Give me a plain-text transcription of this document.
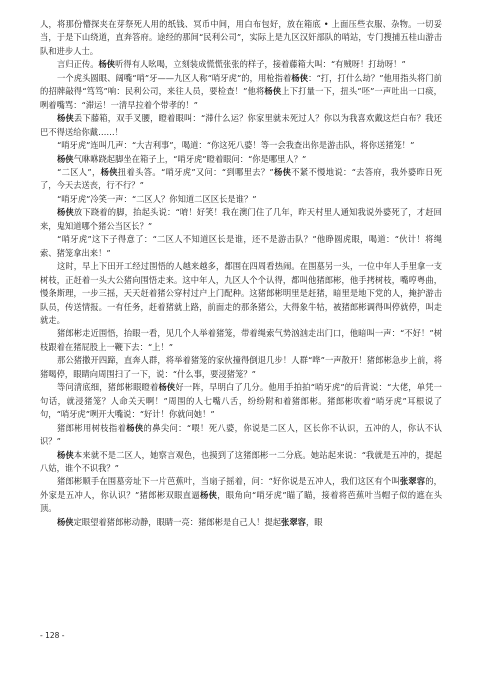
人，将那份懵探夹在芽祭死人用的纸钱、冥币中间，用白布包好，放在箱底 • 上面压些衣服、杂物。一切妥当，于是下山绕道，直奔答府。途经的那间“民利公司”，实际上是九区汉奸部队的哨站，专门搜捕五桂山游击队和进步人士。

言归正传。杨侠听得有人吆喝，立刻装成慌慌张张的样子，接着藤箱大叫：“有贼呀！打劫呀！”

一个虎头圆眼、阔嘴“哨”牙——九区人称“哨牙虎”的，用枪指着杨侠：“打，打什么劫？”他用指头将门前的招牌敲得“笃笃”响：民利公司，来往人员，要检查！”他将杨侠上下打量一下，扭头“呸”一声吐出一口痰，咧着嘴骂：“滞运！一清早拉着个带孝的！”

杨侠丢下藤箱，双手叉腰，瞪着眼叫：“滞什么运？你家里就未死过人？你以为我喜欢戴这烂白布？我还巴不得送给你戴……！

“哨牙虎”连叫几声：“大吉利事”，喝道：“你这死八婆！等一会我查出你是游击队，将你送猪笼！”

杨侠气咻咻跷起脚坐在箱子上，“哨牙虎”瞪着眼问：“你是哪里人？”

“二区人”，杨侠扭着头答。“哨牙虎”又问：“到哪里去？”杨侠不紧不慢地说：“去答府，我外婆昨日死了，今天去送丧，行不行？”

“哨牙虎”冷笑一声：“二区人？你知道二区区长是谁？”

杨侠放下跷着的脚，抬起头说：“唷！好笑！我在澳门住了几年，昨天村里人通知我说外婆死了，才赶回来，鬼知道哪个猪公当区长？”

“哨牙虎”这下子得意了：“二区人不知道区长是谁，还不是游击队？”他睁圆虎眼，喝道：“伙计！将绳索、猪笼拿出来！”

这时，早上下田开工经过围悟的人越来越多，都围在四周看热闹。在围墓另一头，一位中年人手里拿一支树枝，正赶着一头大公猪向围悟走来。这中年人，九区人个个认得，都叫他猪郎彬，他手拷树枝，嘴哼粤曲，慢条斯理，一步三摇，天天赶着猪公穿村过户上门配种。这猪郎彬明里是赶猪，暗里是地下党的人，掩护游击队员，传送情报。一有任务，赶着猪就上路，前面走的那条猪公，大得象牛牯，被猪郎彬调得叫停就停，叫走就走。

猪郎彬走近围悟，抬眼一看，见几个人举着猪笼，带着绳索气势汹汹走出门口，他暗叫一声：“不好！”树枝跟着在猪屁股上一鞭下去：“上！”

那公猪撒开四蹄，直奔人群，将举着猪笼的家伙撞得倒退几步！人群“哗”一声散开！猪郎彬急步上前，将猪喝停，眼睛向周围扫了一下，说：“什么事，要浸猪笼？”

等问清底细，猪郎彬眼瞪着杨侠好一阵，早明白了几分。他用手拍拍“哨牙虎”的后背说：“大佬，单凭一句话，就浸猪笼？人命关天啊！”周围的人七嘴八舌，纷纷附和着猪郎彬。猪郎彬吹着“哨牙虎”耳根说了句，“哨牙虎”咧开大嘴说：“好计！你就问她！”

猪郎彬用树枝指着杨侠的鼻尖问：“喂！死八婆，你说是二区人，区长你不认识，五冲的人，你认不认识？”

杨侠本来就不是二区人，她察言观色，也摸到了这猪郎彬一二分底。她站起来说：“我就是五冲的，提起八姑，谁个不识我？”

猪郎彬顺手在围墓旁址下一片芭蕉叶，当扇子摇着，问：“好你说是五冲人，我们这区有个叫张翠容的，外家是五冲人，你认识？”猪郎彬双眼直逼杨侠，眼角向“哨牙虎”瞄了瞄，接着将芭蕉叶当帽子似的遮在头顶。

杨侠定眼望着猪郎彬动静，眼睛一亮：猪郎彬是自己人！提起张翠容，眼

- 128 -
